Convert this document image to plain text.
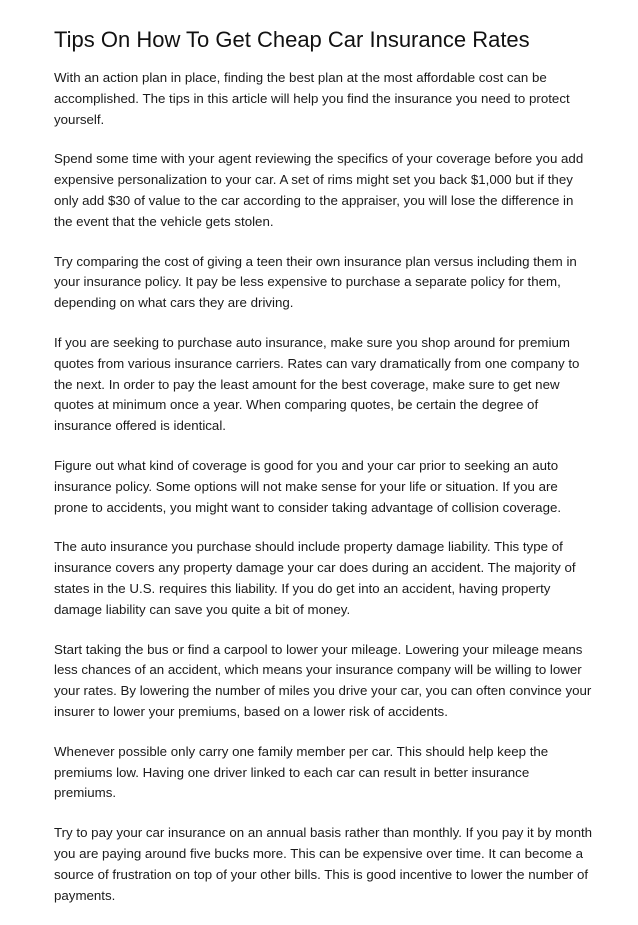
Tips On How To Get Cheap Car Insurance Rates

With an action plan in place, finding the best plan at the most affordable cost can be accomplished. The tips in this article will help you find the insurance you need to protect yourself.

Spend some time with your agent reviewing the specifics of your coverage before you add expensive personalization to your car. A set of rims might set you back $1,000 but if they only add $30 of value to the car according to the appraiser, you will lose the difference in the event that the vehicle gets stolen.

Try comparing the cost of giving a teen their own insurance plan versus including them in your insurance policy. It pay be less expensive to purchase a separate policy for them, depending on what cars they are driving.

If you are seeking to purchase auto insurance, make sure you shop around for premium quotes from various insurance carriers. Rates can vary dramatically from one company to the next. In order to pay the least amount for the best coverage, make sure to get new quotes at minimum once a year. When comparing quotes, be certain the degree of insurance offered is identical.

Figure out what kind of coverage is good for you and your car prior to seeking an auto insurance policy. Some options will not make sense for your life or situation. If you are prone to accidents, you might want to consider taking advantage of collision coverage.

The auto insurance you purchase should include property damage liability. This type of insurance covers any property damage your car does during an accident. The majority of states in the U.S. requires this liability. If you do get into an accident, having property damage liability can save you quite a bit of money.

Start taking the bus or find a carpool to lower your mileage. Lowering your mileage means less chances of an accident, which means your insurance company will be willing to lower your rates. By lowering the number of miles you drive your car, you can often convince your insurer to lower your premiums, based on a lower risk of accidents.

Whenever possible only carry one family member per car. This should help keep the premiums low. Having one driver linked to each car can result in better insurance premiums.

Try to pay your car insurance on an annual basis rather than monthly. If you pay it by month you are paying around five bucks more. This can be expensive over time. It can become a source of frustration on top of your other bills. This is good incentive to lower the number of payments.
